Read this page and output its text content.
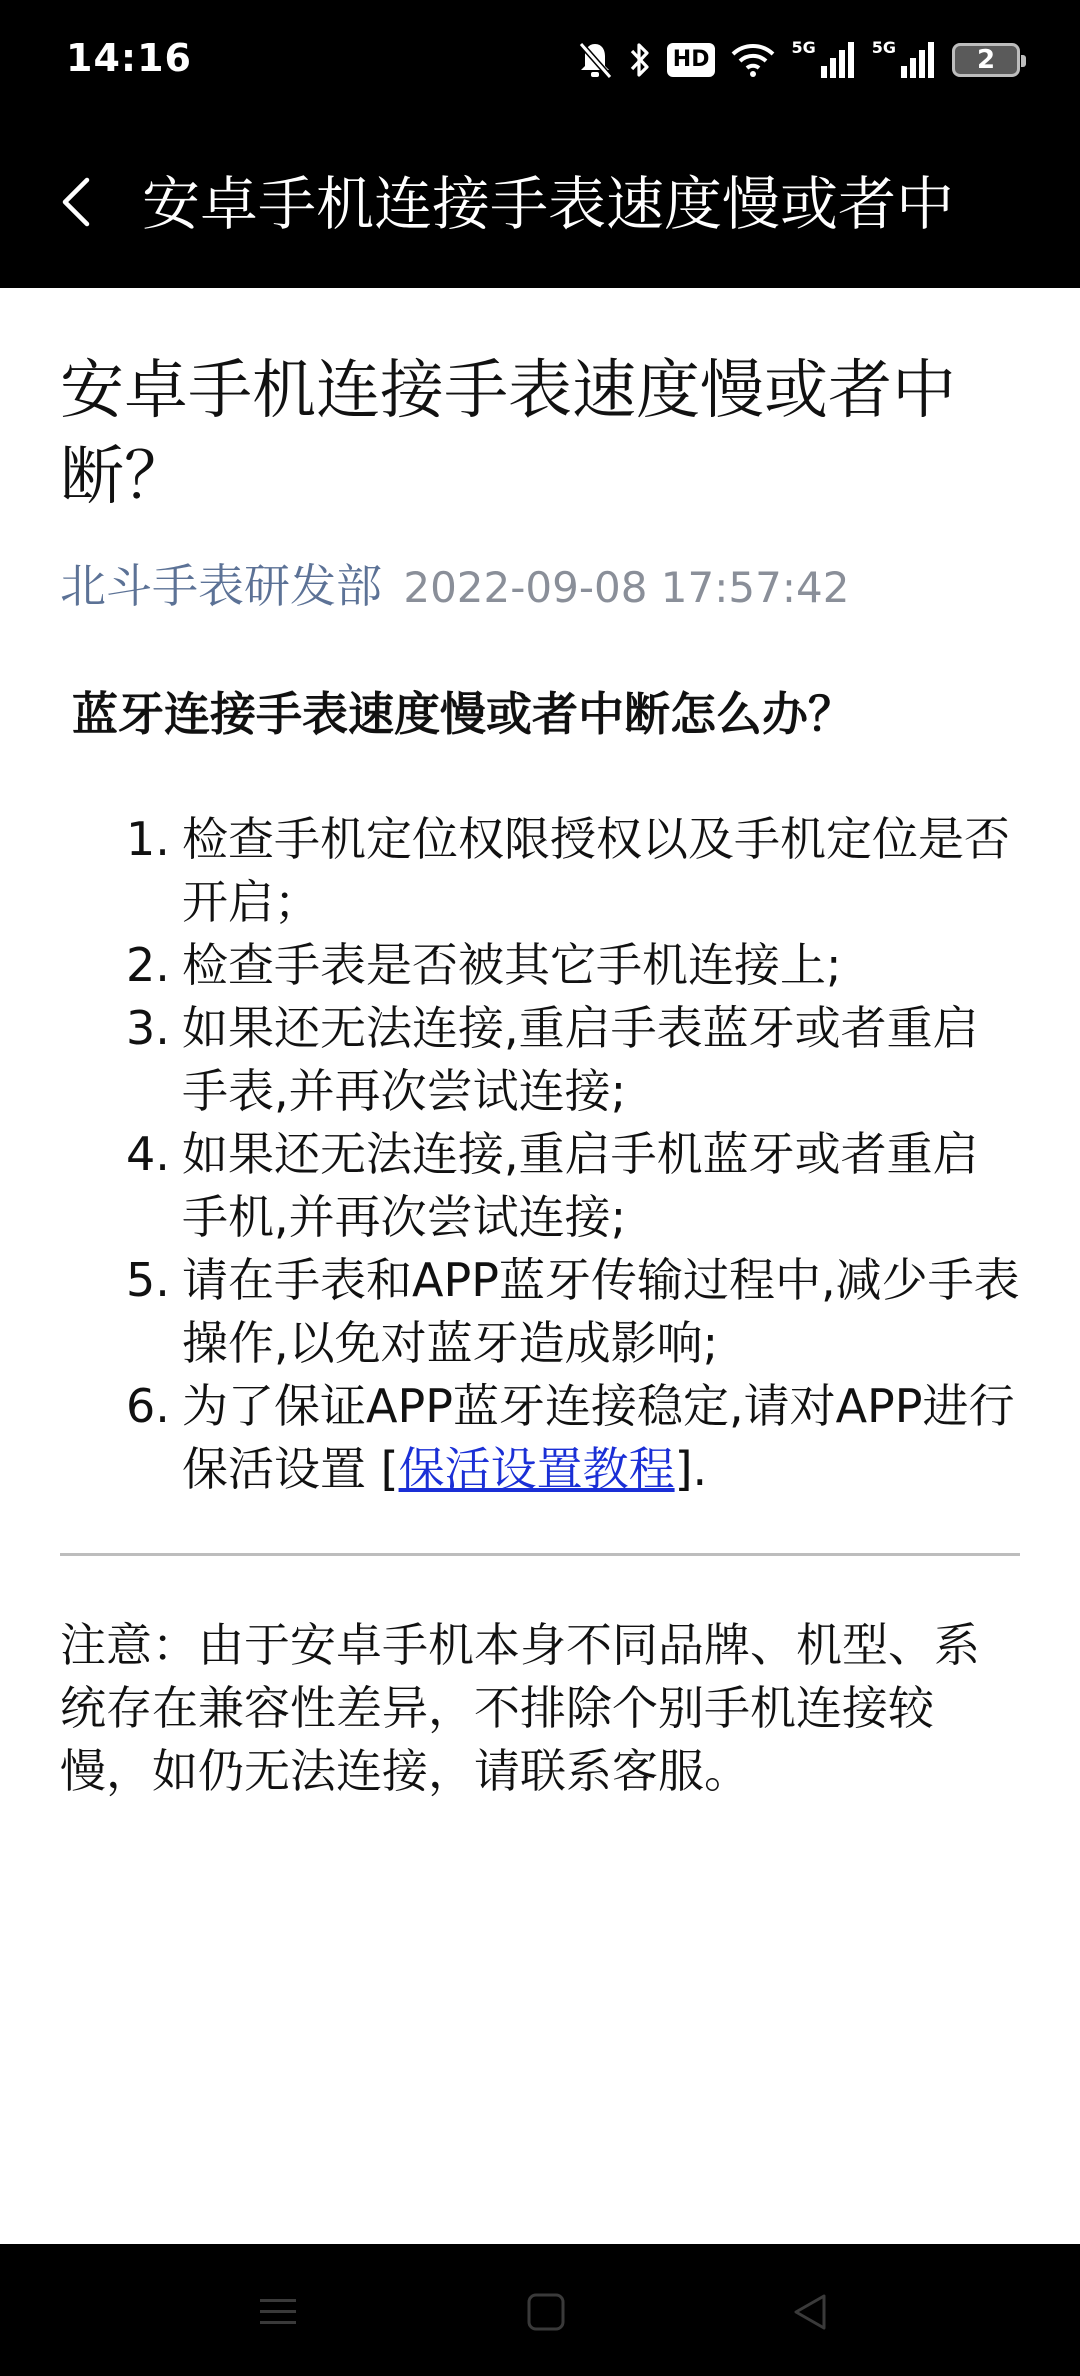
14:16	HD	5G	5G	2
安卓手机连接手表速度慢或者中
安卓手机连接手表速度慢或者中断？
北斗手表研发部 2022-09-08 17:57:42
蓝牙连接手表速度慢或者中断怎么办？
1. 检查手机定位权限授权以及手机定位是否开启；
2. 检查手表是否被其它手机连接上;
3. 如果还无法连接,重启手表蓝牙或者重启手表,并再次尝试连接;
4. 如果还无法连接,重启手机蓝牙或者重启手机,并再次尝试连接;
5. 请在手表和APP蓝牙传输过程中,减少手表操作,以免对蓝牙造成影响;
6. 为了保证APP蓝牙连接稳定,请对APP进行保活设置 [保活设置教程].
注意：由于安卓手机本身不同品牌、机型、系统存在兼容性差异，不排除个别手机连接较慢，如仍无法连接，请联系客服。
